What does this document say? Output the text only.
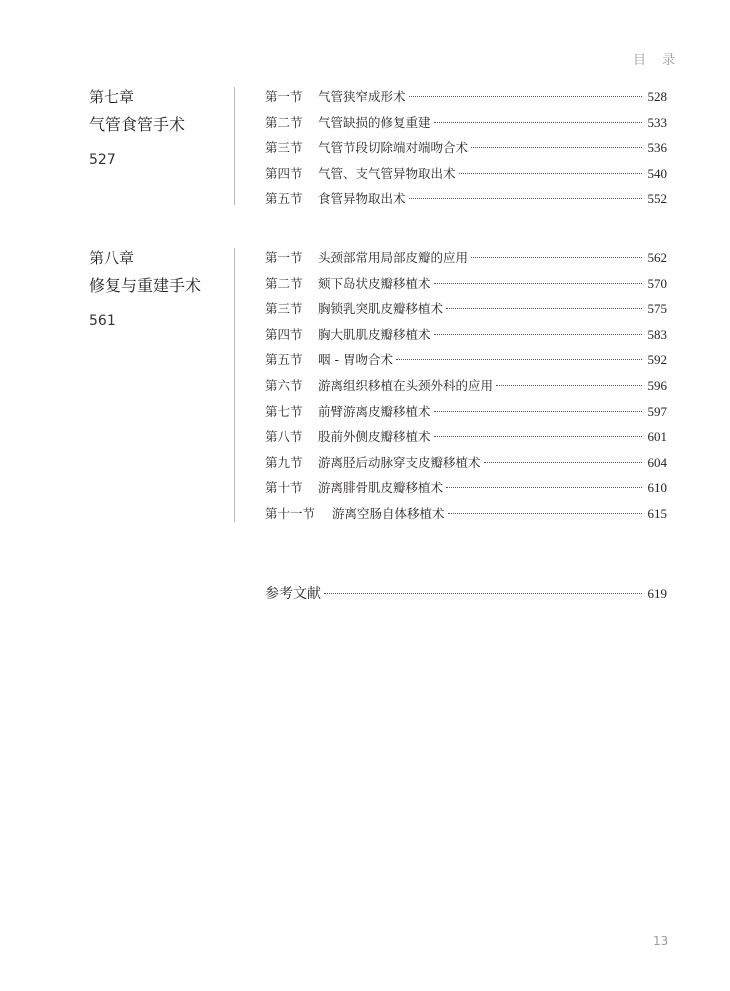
目 录
第七章
气管食管手术
527
第一节	气管狭窄成形术	528
第二节	气管缺损的修复重建	533
第三节	气管节段切除端对端吻合术	536
第四节	气管、支气管异物取出术	540
第五节	食管异物取出术	552
第八章
修复与重建手术
561
第一节	头颈部常用局部皮瓣的应用	562
第二节	颏下岛状皮瓣移植术	570
第三节	胸锁乳突肌皮瓣移植术	575
第四节	胸大肌肌皮瓣移植术	583
第五节	咽 - 胃吻合术	592
第六节	游离组织移植在头颈外科的应用	596
第七节	前臂游离皮瓣移植术	597
第八节	股前外侧皮瓣移植术	601
第九节	游离胫后动脉穿支皮瓣移植术	604
第十节	游离腓骨肌皮瓣移植术	610
第十一节	游离空肠自体移植术	615
参考文献	619
13
